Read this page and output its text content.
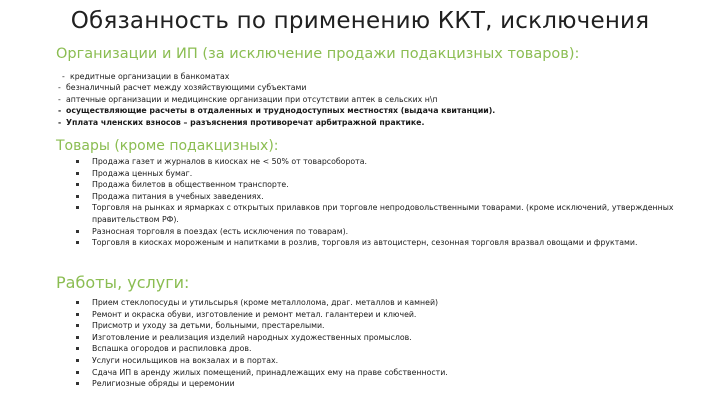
Обязанность по применению ККТ, исключения
Организации и ИП (за исключение продажи подакцизных товаров):
- кредитные организации в банкоматах
- безналичный расчет между хозяйствующими субъектами
- аптечные организации и медицинские организации при отсутствии аптек в сельских н\п
- осуществляющие расчеты в отдаленных и труднодоступных местностях (выдача квитанции).
- Уплата членских взносов – разъяснения противоречат арбитражной практике.
Товары (кроме подакцизных):
Продажа газет и журналов в киосках не < 50% от товарсоборота.
Продажа ценных бумаг.
Продажа билетов в общественном транспорте.
Продажа питания в учебных заведениях.
Торговля на рынках и ярмарках с открытых прилавков при торговле непродовольственными товарами. (кроме исключений, утвержденных правительством РФ).
Разносная торговля в поездах (есть исключения по товарам).
Торговля в киосках мороженым и напитками в розлив, торговля из автоцистерн, сезонная торговля вразвал овощами и фруктами.
Работы, услуги:
Прием стеклопосуды и утильсырья (кроме металлолома, драг. металлов и камней)
Ремонт и окраска обуви, изготовление и ремонт метал. галантереи и ключей.
Присмотр и уходу за детьми, больными, престарелыми.
Изготовление и реализация изделий народных художественных промыслов.
Вспашка огородов и распиловка дров.
Услуги носильщиков на вокзалах и в портах.
Сдача ИП в аренду жилых помещений, принадлежащих ему на праве собственности.
Религиозные обряды и церемонии
